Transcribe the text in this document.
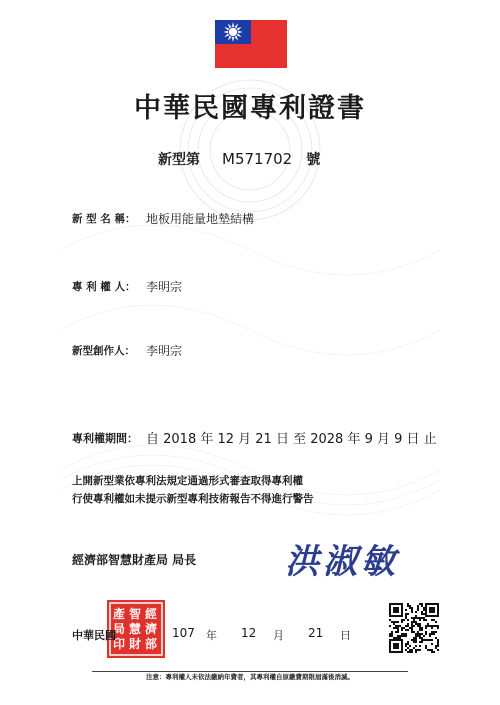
中華民國專利證書
新型第 M571702 號
新 型 名 稱： 地板用能量地墊結構
專 利 權 人： 李明宗
新型創作人： 李明宗
專利權期間： 自 2018 年 12 月 21 日 至 2028 年 9 月 9 日 止
上開新型業依專利法規定通過形式審查取得專利權
行使專利權如未提示新型專利技術報告不得進行警告
經濟部智慧財產局 局長	洪淑敏
經
濟
部
智
慧
財
產
局
印
中華民國	107 年 12 月 21 日
注意：專利權人未依法繳納年費者，其專利權自原繳費期限屆滿後消滅。
